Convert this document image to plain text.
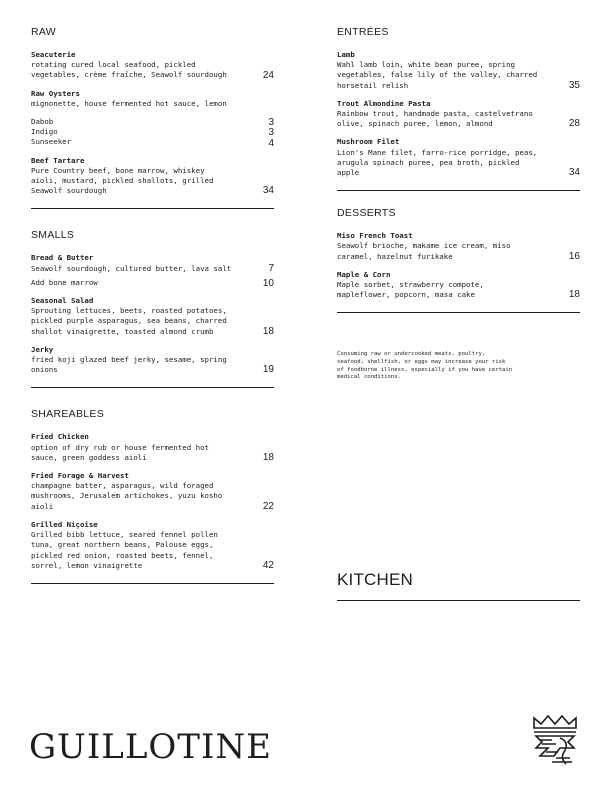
RAW
Seacuterie
rotating cured local seafood, pickled vegetables, crème fraîche, Seawolf sourdough	24
Raw Oysters
mignonette, house fermented hot sauce, lemon
Dabob	3
Indigo	3
Sunseeker	4
Beef Tartare
Pure Country beef, bone marrow, whiskey aioli, mustard, pickled shallots, grilled Seawolf sourdough	34
SMALLS
Bread & Butter
Seawolf sourdough, cultured butter, lava salt	7
Add bone marrow	10
Seasonal Salad
Sprouting lettuces, beets, roasted potatoes, pickled purple asparagus, sea beans, charred shallot vinaigrette, toasted almond crumb	18
Jerky
fried koji glazed beef jerky, sesame, spring onions	19
SHAREABLES
Fried Chicken
option of dry rub or house fermented hot sauce, green goddess aioli	18
Fried Forage & Harvest
champagne batter, asparagus, wild foraged mushrooms, Jerusalem artichokes, yuzu kosho aioli	22
Grilled Niçoise
Grilled bibb lettuce, seared fennel pollen tuna, great northern beans, Palouse eggs, pickled red onion, roasted beets, fennel, sorrel, lemon vinaigrette	42
ENTRÉES
Lamb
Wahl lamb loin, white bean puree, spring vegetables, false lily of the valley, charred horsetail relish	35
Trout Almondine Pasta
Rainbow trout, handmade pasta, castelvetrano olive, spinach puree, lemon, almond	28
Mushroom Filet
Lion's Mane filet, farro-rice porridge, peas, arugula spinach puree, pea broth, pickled apple	34
DESSERTS
Miso French Toast
Seawolf brioche, makame ice cream, miso caramel, hazelnut furikake	16
Maple & Corn
Maple sorbet, strawberry compote, mapleflower, popcorn, masa cake	18
Consuming raw or undercooked meats, poultry, seafood, shellfish, or eggs may increase your risk of foodborne illness, especially if you have certain medical conditions.
KITCHEN
GUILLOTINE
